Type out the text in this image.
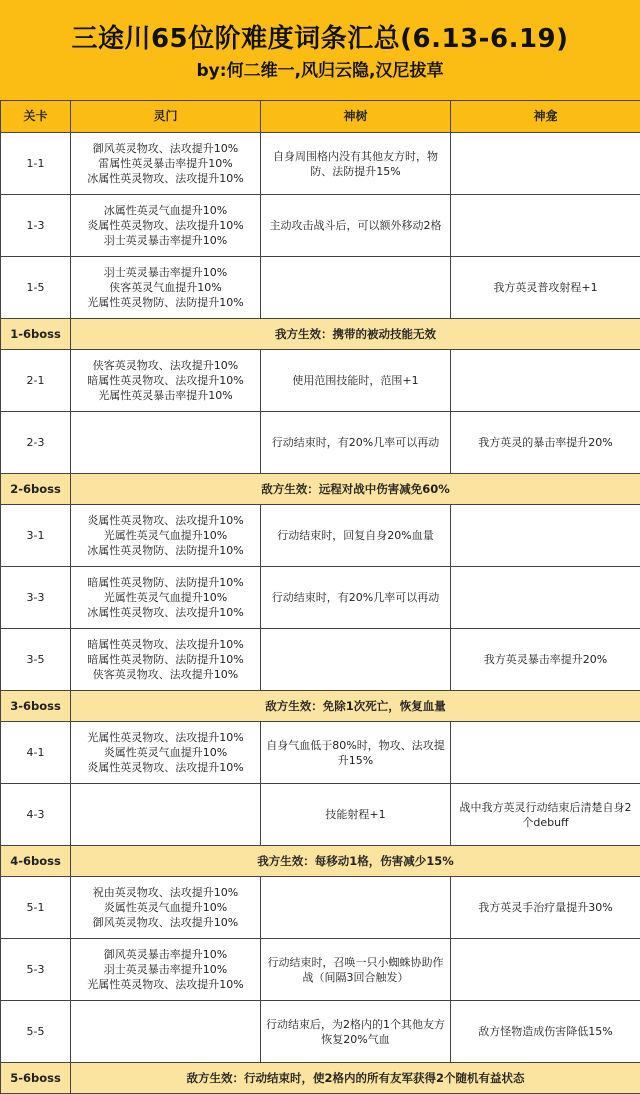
三途川65位阶难度词条汇总(6.13-6.19)
by:何二维一,风归云隐,汉尼拔草
关卡	灵门	神树	神龛
1-1	御风英灵物攻、法攻提升10%
雷属性英灵暴击率提升10%
冰属性英灵物攻、法攻提升10%	自身周围格内没有其他友方时，物防、法防提升15%	
1-3	冰属性英灵气血提升10%
炎属性英灵物攻、法攻提升10%
羽士英灵暴击率提升10%	主动攻击战斗后，可以额外移动2格	
1-5	羽士英灵暴击率提升10%
侠客英灵气血提升10%
光属性英灵物防、法防提升10%		我方英灵普攻射程+1
1-6boss	我方生效：携带的被动技能无效		
2-1	侠客英灵物攻、法攻提升10%
暗属性英灵物攻、法攻提升10%
光属性英灵暴击率提升10%	使用范围技能时，范围+1	
2-3		行动结束时，有20%几率可以再动	我方英灵的暴击率提升20%
2-6boss	敌方生效：远程对战中伤害减免60%		
3-1	炎属性英灵物攻、法攻提升10%
光属性英灵气血提升10%
冰属性英灵物防、法防提升10%	行动结束时，回复自身20%血量	
3-3	暗属性英灵物防、法防提升10%
光属性英灵气血提升10%
冰属性英灵物攻、法攻提升10%	行动结束时，有20%几率可以再动	
3-5	暗属性英灵物攻、法攻提升10%
暗属性英灵物防、法防提升10%
侠客英灵物攻、法攻提升10%		我方英灵暴击率提升20%
3-6boss	敌方生效：免除1次死亡，恢复血量		
4-1	光属性英灵物攻、法攻提升10%
炎属性英灵气血提升10%
炎属性英灵物攻、法攻提升10%	自身气血低于80%时，物攻、法攻提升15%	
4-3		技能射程+1	战中我方英灵行动结束后清楚自身2个debuff
4-6boss	我方生效：每移动1格，伤害减少15%		
5-1	祝由英灵物攻、法攻提升10%
炎属性英灵气血提升10%
御风英灵物攻、法攻提升10%		我方英灵手治疗量提升30%
5-3	御风英灵暴击率提升10%
羽士英灵暴击率提升10%
光属性英灵物攻、法攻提升10%	行动结束时，召唤一只小蜘蛛协助作战（间隔3回合触发）	
5-5		行动结束后，为2格内的1个其他友方恢复20%气血	敌方怪物造成伤害降低15%
5-6boss	敌方生效：行动结束时，使2格内的所有友军获得2个随机有益状态		
